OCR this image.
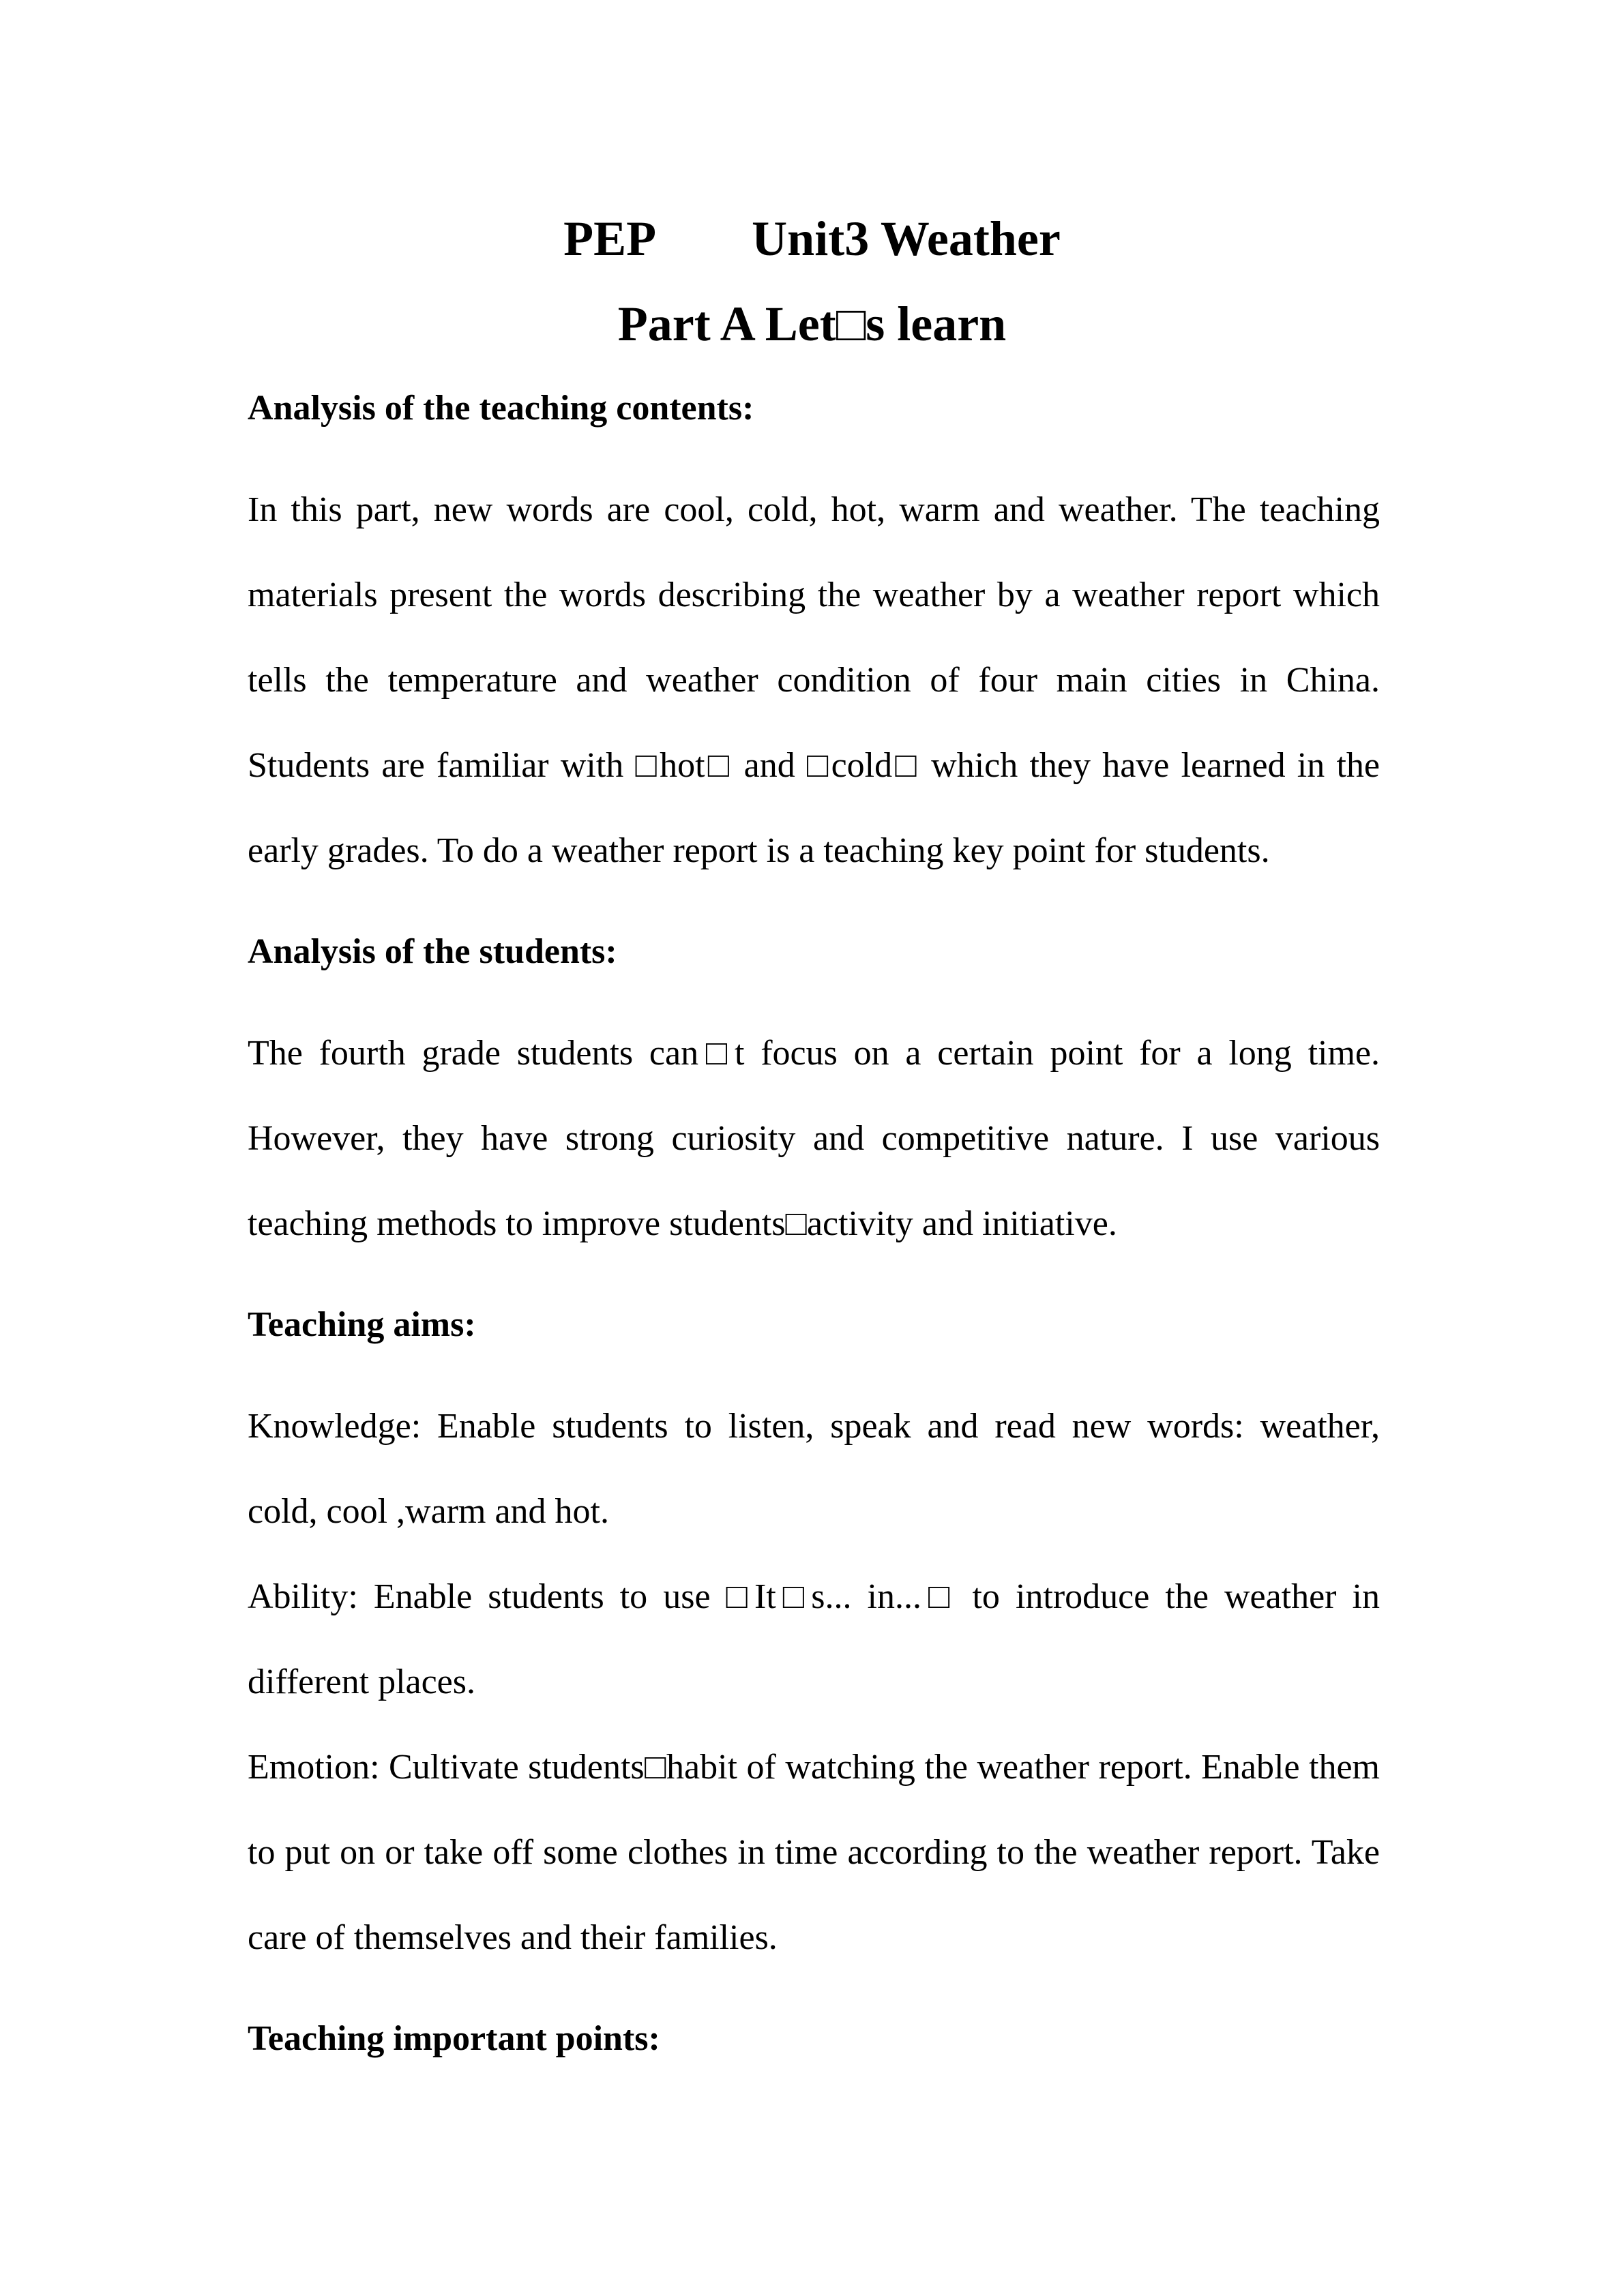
PEP        Unit3 Weather
Part A Let□s learn
Analysis of the teaching contents:

In this part, new words are cool, cold, hot, warm and weather. The teaching materials present the words describing the weather by a weather report which tells the temperature and weather condition of four main cities in China. Students are familiar with □hot□ and □cold□ which they have learned in the early grades. To do a weather report is a teaching key point for students.

Analysis of the students:

The fourth grade students can□t focus on a certain point for a long time. However, they have strong curiosity and competitive nature. I use various teaching methods to improve students□activity and initiative.

Teaching aims:

Knowledge: Enable students to listen, speak and read new words: weather, cold, cool ,warm and hot.

Ability: Enable students to use □It□s... in...□ to introduce the weather in different places.

Emotion: Cultivate students□habit of watching the weather report. Enable them to put on or take off some clothes in time according to the weather report. Take care of themselves and their families.

Teaching important points:
